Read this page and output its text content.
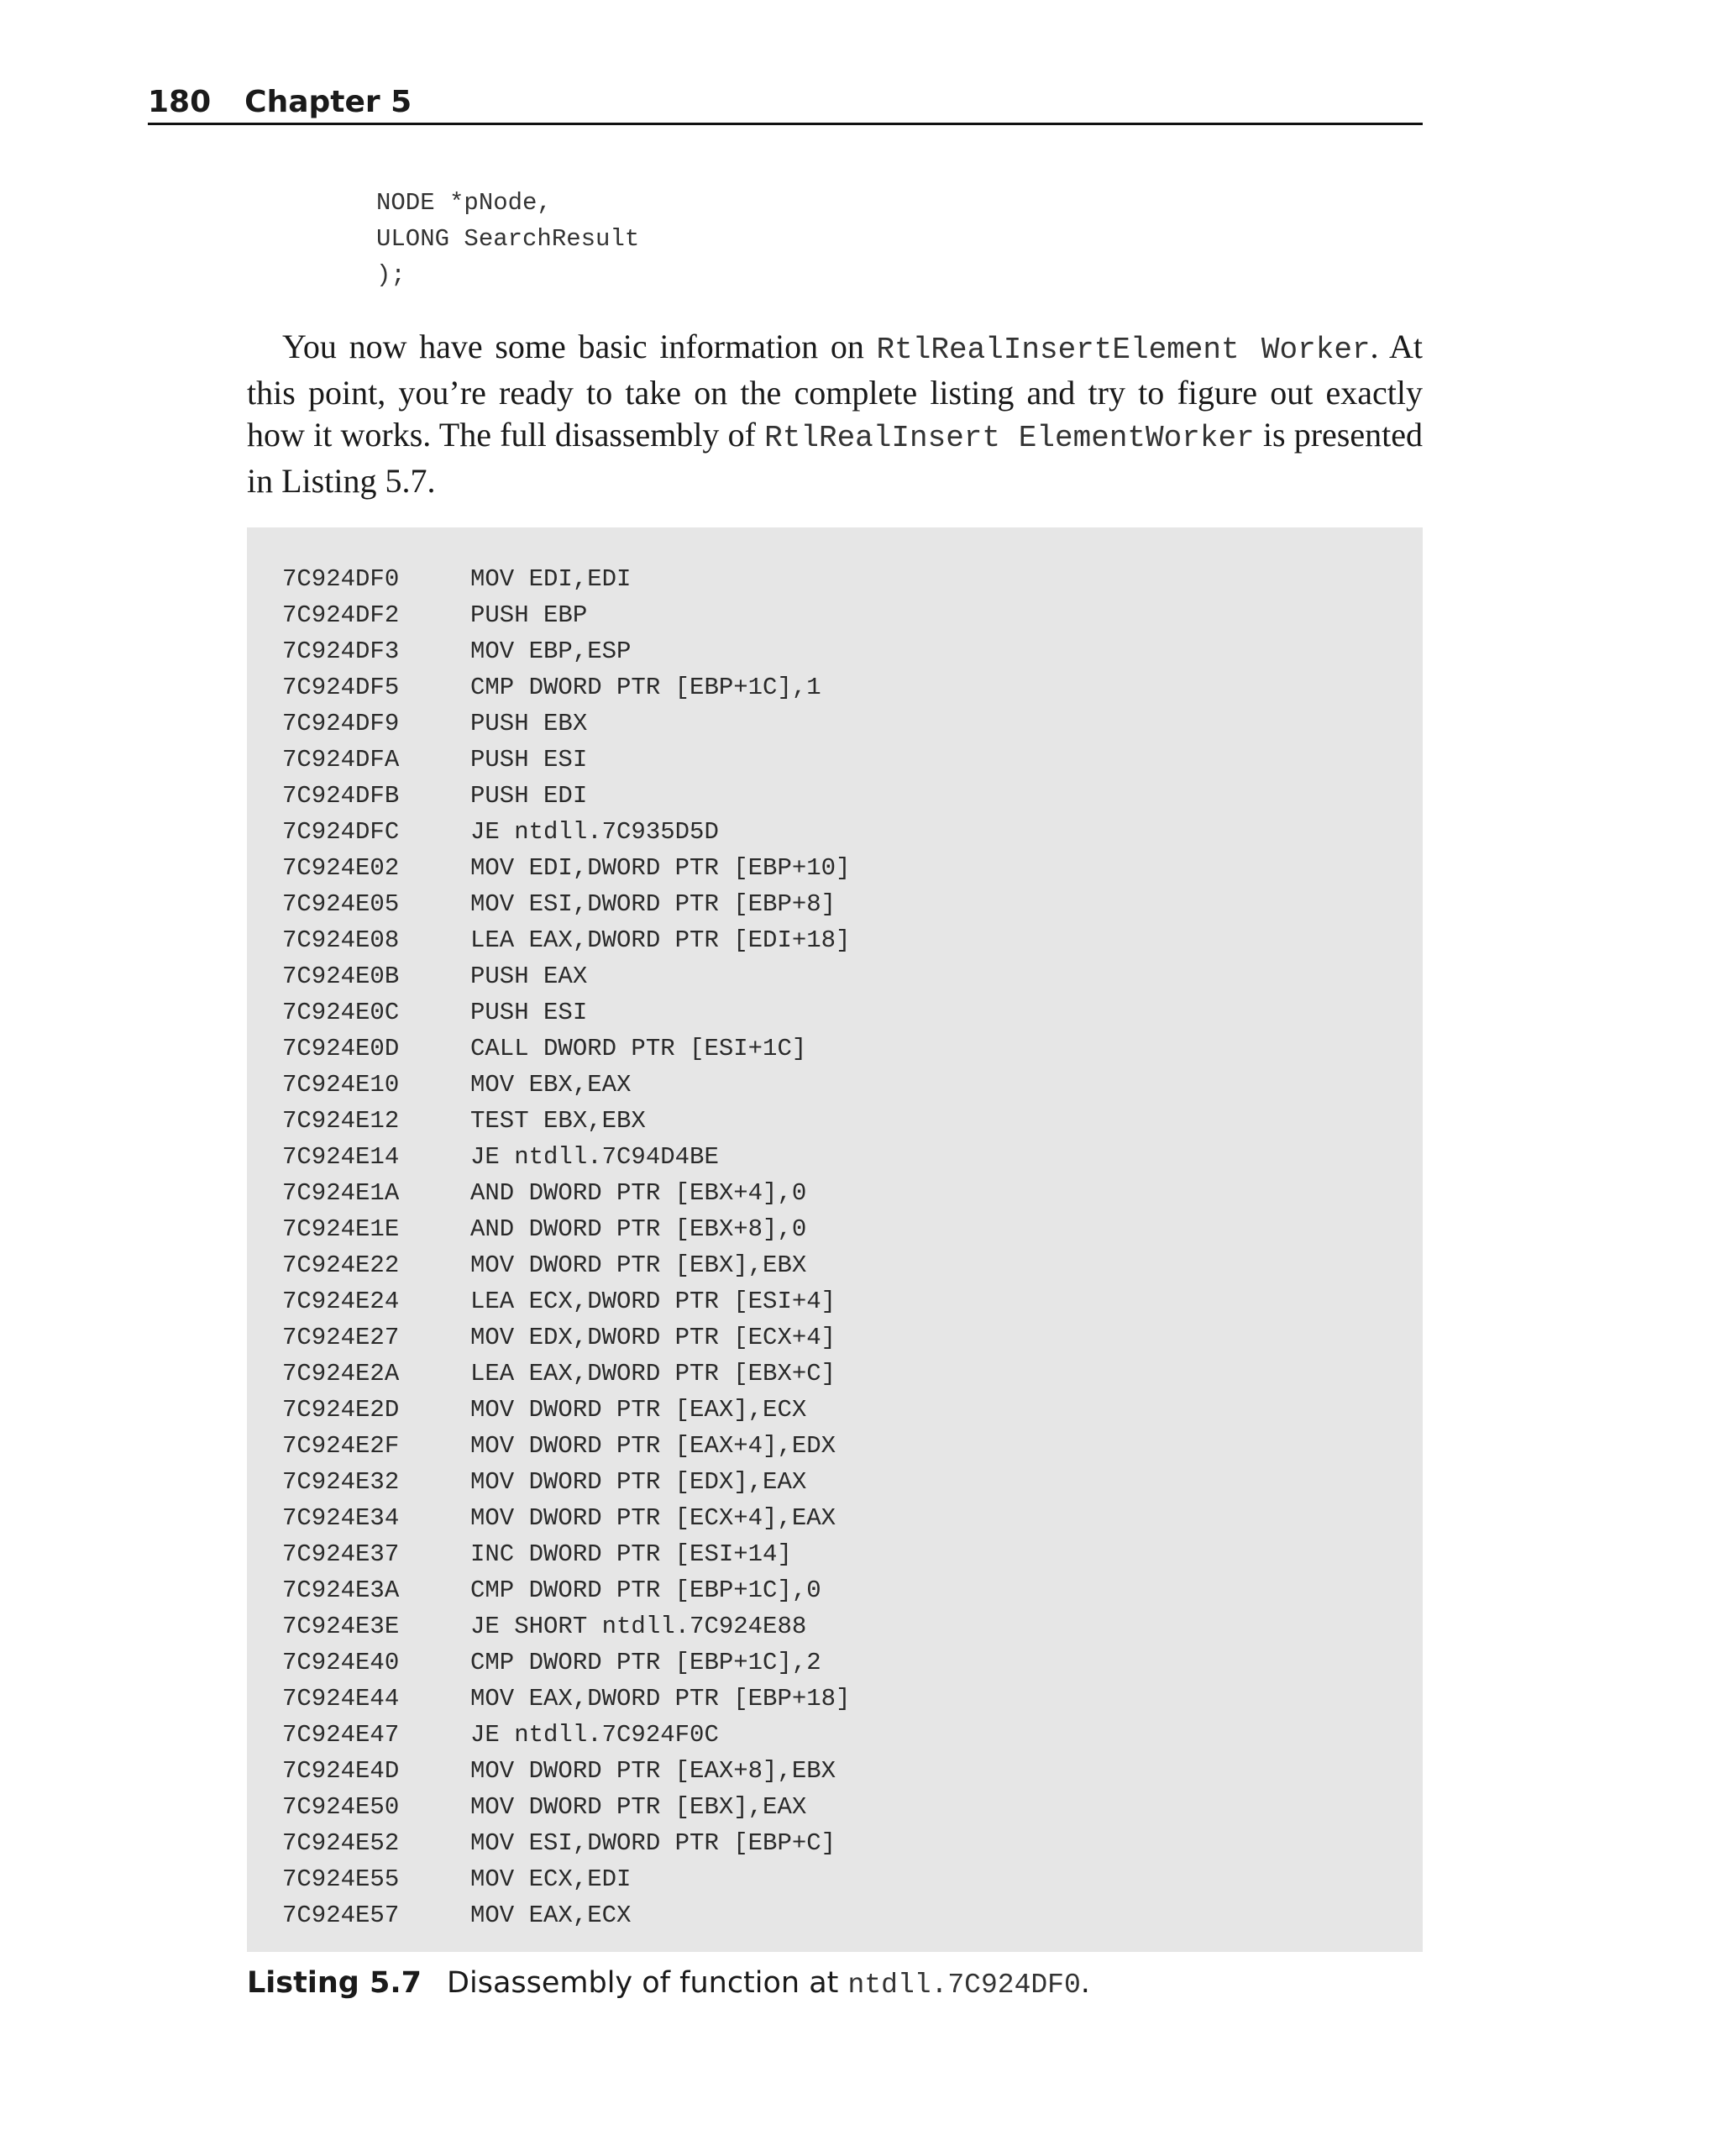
180 Chapter 5
NODE *pNode,
ULONG SearchResult
);

You now have some basic information on RtlRealInsertElement Worker. At this point, you’re ready to take on the complete listing and try to figure out exactly how it works. The full disassembly of RtlRealInsert ElementWorker is presented in Listing 5.7.

7C924DF0	MOV EDI,EDI
7C924DF2	PUSH EBP
7C924DF3	MOV EBP,ESP
7C924DF5	CMP DWORD PTR [EBP+1C],1
7C924DF9	PUSH EBX
7C924DFA	PUSH ESI
7C924DFB	PUSH EDI
7C924DFC	JE ntdll.7C935D5D
7C924E02	MOV EDI,DWORD PTR [EBP+10]
7C924E05	MOV ESI,DWORD PTR [EBP+8]
7C924E08	LEA EAX,DWORD PTR [EDI+18]
7C924E0B	PUSH EAX
7C924E0C	PUSH ESI
7C924E0D	CALL DWORD PTR [ESI+1C]
7C924E10	MOV EBX,EAX
7C924E12	TEST EBX,EBX
7C924E14	JE ntdll.7C94D4BE
7C924E1A	AND DWORD PTR [EBX+4],0
7C924E1E	AND DWORD PTR [EBX+8],0
7C924E22	MOV DWORD PTR [EBX],EBX
7C924E24	LEA ECX,DWORD PTR [ESI+4]
7C924E27	MOV EDX,DWORD PTR [ECX+4]
7C924E2A	LEA EAX,DWORD PTR [EBX+C]
7C924E2D	MOV DWORD PTR [EAX],ECX
7C924E2F	MOV DWORD PTR [EAX+4],EDX
7C924E32	MOV DWORD PTR [EDX],EAX
7C924E34	MOV DWORD PTR [ECX+4],EAX
7C924E37	INC DWORD PTR [ESI+14]
7C924E3A	CMP DWORD PTR [EBP+1C],0
7C924E3E	JE SHORT ntdll.7C924E88
7C924E40	CMP DWORD PTR [EBP+1C],2
7C924E44	MOV EAX,DWORD PTR [EBP+18]
7C924E47	JE ntdll.7C924F0C
7C924E4D	MOV DWORD PTR [EAX+8],EBX
7C924E50	MOV DWORD PTR [EBX],EAX
7C924E52	MOV ESI,DWORD PTR [EBP+C]
7C924E55	MOV ECX,EDI
7C924E57	MOV EAX,ECX
Listing 5.7 Disassembly of function at ntdll.7C924DF0.
